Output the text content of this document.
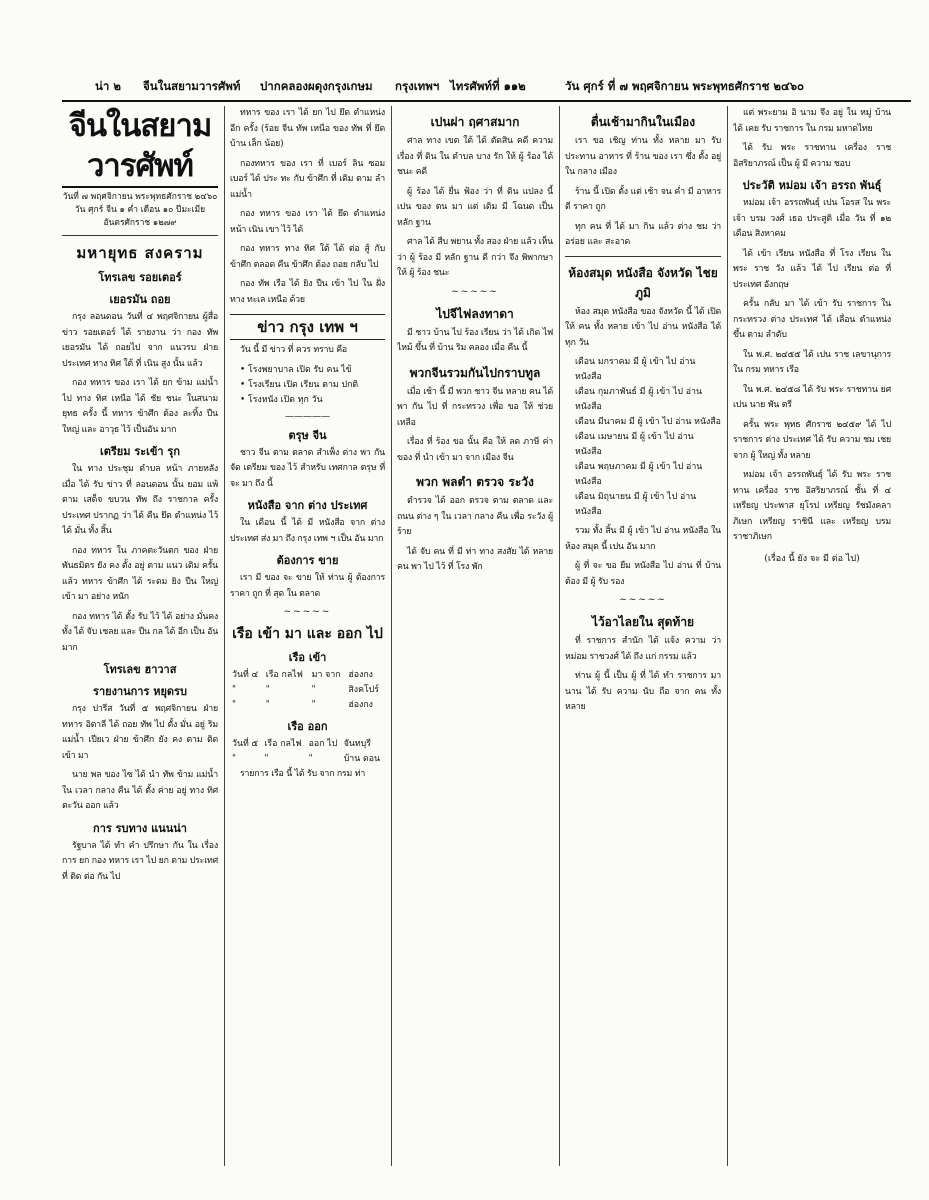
น่า ๒ จีนในสยามวารศัพท์ ปากคลองผดุงกรุงเกษม กรุงเทพฯ ไทรศัพท์ที่ ๑๑๒	วัน ศุกร์ ที่ ๗ พฤศจิกายน พระพุทธศักราช ๒๔๖๐
จีนในสยามวารศัพท์
วันที่ ๗ พฤศจิกายน พระพุทธศักราช ๒๔๖๐
วัน ศุกร์ จีน ๑ ค่ำ เดือน ๑๐ ปีมะเมีย
อันตรศักราช ๑๒๗๙
มหายุทธ สงคราม
โทรเลข รอยเตอร์
เยอรมัน ถอย

กรุง ลอนดอน วันที่ ๔ พฤศจิกายน ผู้สื่อข่าว รอยเตอร์ ได้ รายงาน ว่า กอง ทัพ เยอรมัน ได้ ถอยไป จาก แนวรบ ฝ่าย ประเทศ ทาง ทิศ ใต้ ที่ เนิน สูง นั้น แล้ว

กอง ทหาร ของ เรา ได้ ยก ข้าม แม่น้ำ ไป ทาง ทิศ เหนือ ได้ ชัย ชนะ ในสนาม ยุทธ ครั้ง นี้ ทหาร ข้าศึก ต้อง ละทิ้ง ปืน ใหญ่ และ อาวุธ ไว้ เป็นอัน มาก

เตรียม ระเข้า รุก

ใน ทาง ประชุม ตำบล หน้า ภายหลัง เมื่อ ได้ รับ ข่าว ที่ ลอนดอน นั้น ยอม แพ้ ตาม เสด็จ ขบวน ทัพ ถึง ราชกาล ครั้ง ประเทศ ปรากฏ ว่า ได้ คืน ยึด ตำแหน่ง ไว้ ได้ มั่น ทั้ง สิ้น

กอง ทหาร ใน ภาคตะวันตก ของ ฝ่าย พันธมิตร ยัง คง ตั้ง อยู่ ตาม แนว เดิม ครั้น แล้ว ทหาร ข้าศึก ได้ ระดม ยิง ปืน ใหญ่ เข้า มา อย่าง หนัก

กอง ทหาร ได้ ตั้ง รับ ไว้ ได้ อย่าง มั่นคง ทั้ง ได้ จับ เชลย และ ปืน กล ได้ อีก เป็น อัน มาก

โทรเลข ฮาวาส
รายงานการ หยุดรบ

กรุง ปารีส วันที่ ๕ พฤศจิกายน ฝ่าย ทหาร อิตาลี ได้ ถอย ทัพ ไป ตั้ง มั่น อยู่ ริม แม่น้ำ เปียเว ฝ่าย ข้าศึก ยัง คง ตาม ติด เข้า มา

นาย พล ของ ไซ ได้ นำ ทัพ ข้าม แม่น้ำ ใน เวลา กลาง คืน ได้ ตั้ง ค่าย อยู่ ทาง ทิศ ตะวัน ออก แล้ว

การ รบทาง แนนน่า

รัฐบาล ได้ ทำ คำ ปรึกษา กัน ใน เรื่อง การ ยก กอง ทหาร เรา ไป ยก ตาม ประเทศ ที่ ติด ต่อ กัน ไป

ทหาร ของ เรา ได้ ยก ไป ยึด ตำแหน่ง อีก ครั้ง (ร้อย จีน ทัพ เหนือ ของ ทัพ ที่ ยึด บ้าน เล็ก น้อย)

กองทหาร ของ เรา ที่ เบอร์ ลิน ซอมเบอร์ ได้ ประ ทะ กับ ข้าศึก ที่ เดิม ตาม ลำ แม่น้ำ

กอง ทหาร ของ เรา ได้ ยึด ตำแหน่ง หน้า เนิน เขา ไว้ ได้

กอง ทหาร ทาง ทิศ ใต้ ได้ ต่อ สู้ กับ ข้าศึก ตลอด คืน ข้าศึก ต้อง ถอย กลับ ไป

กอง ทัพ เรือ ได้ ยิง ปืน เข้า ไป ใน ฝั่ง ทาง ทะเล เหนือ ด้วย

ข่าว กรุง เทพ ฯ

วัน นี้ มี ข่าว ที่ ควร ทราบ คือ

• โรงพยาบาล เปิด รับ คน ไข้
• โรงเรียน เปิด เรียน ตาม ปกติ
• โรงหนัง เปิด ทุก วัน
—————
ตรุษ จีน

ชาว จีน ตาม ตลาด สำเพ็ง ต่าง พา กัน จัด เตรียม ของ ไว้ สำหรับ เทศกาล ตรุษ ที่ จะ มา ถึง นี้

หนังสือ จาก ต่าง ประเทศ

ใน เดือน นี้ ได้ มี หนังสือ จาก ต่าง ประเทศ ส่ง มา ถึง กรุง เทพ ฯ เป็น อัน มาก

ต้องการ ขาย

เรา มี ของ จะ ขาย ให้ ท่าน ผู้ ต้องการ ราคา ถูก ที่ สุด ใน ตลาด

~~~~~
เรือ เข้า มา และ ออก ไป
เรือ เข้า
วันที่ ๔	เรือ กลไฟ	มา จาก	ฮ่องกง
"	"	"	สิงคโปร์
"	"	"	ฮ่องกง
เรือ ออก
วันที่ ๕	เรือ กลไฟ	ออก ไป	จันทบุรี
"	"	"	บ้าน ดอน

รายการ เรือ นี้ ได้ รับ จาก กรม ท่า

เปนผ่า ฤศาสมาก

ศาล ทาง เขต ใต้ ได้ ตัดสิน คดี ความ เรื่อง ที่ ดิน ใน ตำบล บาง รัก ให้ ผู้ ร้อง ได้ ชนะ คดี

ผู้ ร้อง ได้ ยื่น ฟ้อง ว่า ที่ ดิน แปลง นี้ เปน ของ ตน มา แต่ เดิม มี โฉนด เป็น หลัก ฐาน

ศาล ได้ สืบ พยาน ทั้ง สอง ฝ่าย แล้ว เห็น ว่า ผู้ ร้อง มี หลัก ฐาน ดี กว่า จึง พิพากษา ให้ ผู้ ร้อง ชนะ

~~~~~
ไปจีไฟลงทาดา

มี ชาว บ้าน ไป ร้อง เรียน ว่า ได้ เกิด ไฟ ไหม้ ขึ้น ที่ บ้าน ริม คลอง เมื่อ คืน นี้

พวกจีนรวมกันไปกราบทูล

เมื่อ เช้า นี้ มี พวก ชาว จีน หลาย คน ได้ พา กัน ไป ที่ กระทรวง เพื่อ ขอ ให้ ช่วย เหลือ

เรื่อง ที่ ร้อง ขอ นั้น คือ ให้ ลด ภาษี ค่า ของ ที่ นำ เข้า มา จาก เมือง จีน

พวก พลตำ ตรวจ ระวัง

ตำรวจ ได้ ออก ตรวจ ตาม ตลาด และ ถนน ต่าง ๆ ใน เวลา กลาง คืน เพื่อ ระวัง ผู้ ร้าย

ได้ จับ คน ที่ มี ท่า ทาง สงสัย ได้ หลาย คน พา ไป ไว้ ที่ โรง พัก

ตื่นเช้ามากินในเมือง

เรา ขอ เชิญ ท่าน ทั้ง หลาย มา รับ ประทาน อาหาร ที่ ร้าน ของ เรา ซึ่ง ตั้ง อยู่ ใน กลาง เมือง

ร้าน นี้ เปิด ตั้ง แต่ เช้า จน ค่ำ มี อาหาร ดี ราคา ถูก

ทุก คน ที่ ได้ มา กิน แล้ว ต่าง ชม ว่า อร่อย และ สะอาด

ห้องสมุด หนังสือ จังหวัด ไชยภูมิ

ห้อง สมุด หนังสือ ของ จังหวัด นี้ ได้ เปิด ให้ คน ทั้ง หลาย เข้า ไป อ่าน หนังสือ ได้ ทุก วัน

เดือน มกราคม มี ผู้ เข้า ไป อ่าน หนังสือ
เดือน กุมภาพันธ์ มี ผู้ เข้า ไป อ่าน หนังสือ
เดือน มีนาคม มี ผู้ เข้า ไป อ่าน หนังสือ
เดือน เมษายน มี ผู้ เข้า ไป อ่าน หนังสือ
เดือน พฤษภาคม มี ผู้ เข้า ไป อ่าน หนังสือ
เดือน มิถุนายน มี ผู้ เข้า ไป อ่าน หนังสือ

รวม ทั้ง สิ้น มี ผู้ เข้า ไป อ่าน หนังสือ ใน ห้อง สมุด นี้ เปน อัน มาก

ผู้ ที่ จะ ขอ ยืม หนังสือ ไป อ่าน ที่ บ้าน ต้อง มี ผู้ รับ รอง

~~~~~
ไว้อาไลยใน สุดท้าย

ที่ ราชการ สำนัก ได้ แจ้ง ความ ว่า หม่อม ราชวงศ์ ได้ ถึง แก่ กรรม แล้ว

ท่าน ผู้ นี้ เป็น ผู้ ที่ ได้ ทำ ราชการ มา นาน ได้ รับ ความ นับ ถือ จาก คน ทั้ง หลาย

แต่ พระยาม อิ นาม จึง อยู่ ใน หมู่ บ้าน ได้ เคย รับ ราชการ ใน กรม มหาดไทย

ได้ รับ พระ ราชทาน เครื่อง ราช อิสริยาภรณ์ เป็น ผู้ มี ความ ชอบ

ประวัติ หม่อม เจ้า อรรถ พันธุ์

หม่อม เจ้า อรรถพันธุ์ เปน โอรส ใน พระ เจ้า บรม วงศ์ เธอ ประสูติ เมื่อ วัน ที่ ๑๒ เดือน สิงหาคม

ได้ เข้า เรียน หนังสือ ที่ โรง เรียน ใน พระ ราช วัง แล้ว ได้ ไป เรียน ต่อ ที่ ประเทศ อังกฤษ

ครั้น กลับ มา ได้ เข้า รับ ราชการ ใน กระทรวง ต่าง ประเทศ ได้ เลื่อน ตำแหน่ง ขึ้น ตาม ลำดับ

ใน พ.ศ. ๒๔๕๕ ได้ เปน ราช เลขานุการ ใน กรม ทหาร เรือ

ใน พ.ศ. ๒๔๕๘ ได้ รับ พระ ราชทาน ยศ เปน นาย พัน ตรี

ครั้น พระ พุทธ ศักราช ๒๔๕๙ ได้ ไป ราชการ ต่าง ประเทศ ได้ รับ ความ ชม เชย จาก ผู้ ใหญ่ ทั้ง หลาย

หม่อม เจ้า อรรถพันธุ์ ได้ รับ พระ ราชทาน เครื่อง ราช อิสริยาภรณ์ ชั้น ที่ ๔ เหรียญ ประพาส ยุโรป เหรียญ รัชมังคลาภิเษก เหรียญ ราชินี และ เหรียญ บรม ราชาภิเษก

(เรื่อง นี้ ยัง จะ มี ต่อ ไป)
